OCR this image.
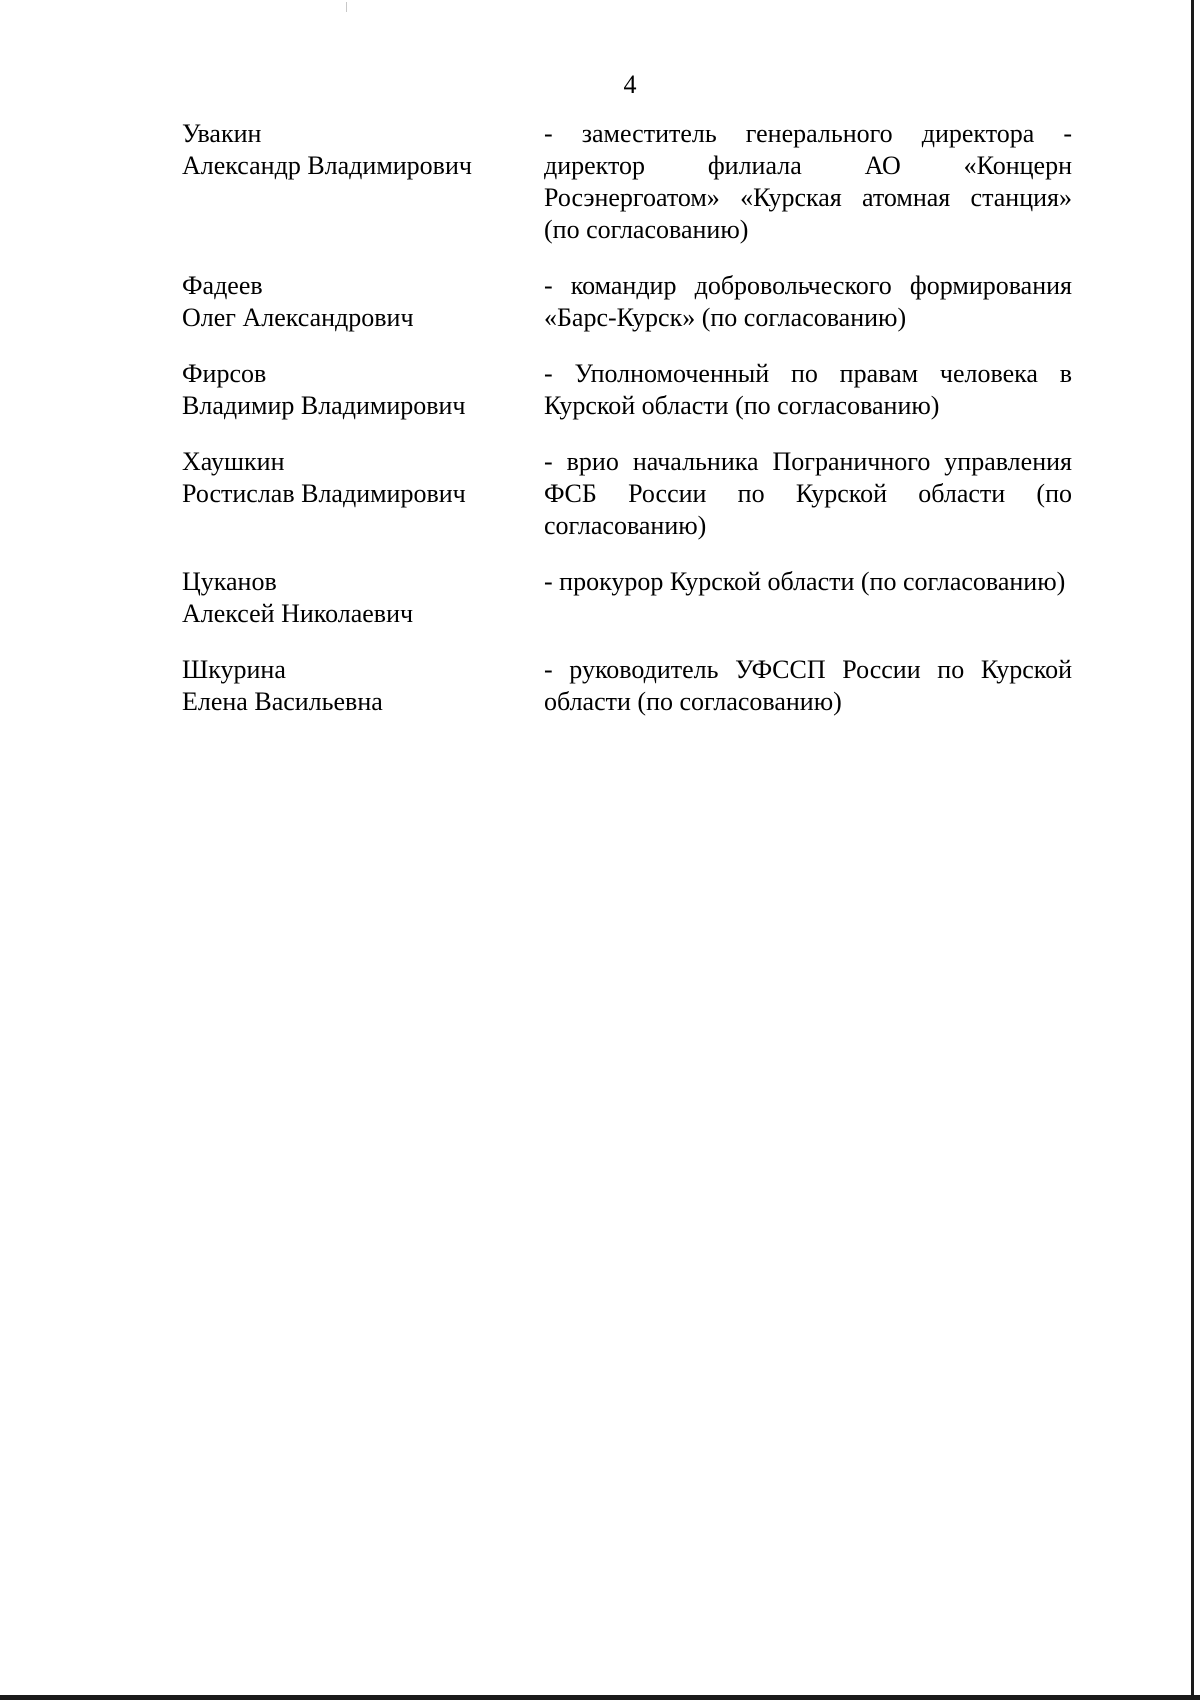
4
Увакин
Александр Владимирович
- заместитель генерального директора - директор филиала АО «Концерн Росэнергоатом» «Курская атомная станция» (по согласованию)
Фадеев
Олег Александрович
- командир добровольческого формирования «Барс-Курск» (по согласованию)
Фирсов
Владимир Владимирович
- Уполномоченный по правам человека в Курской области (по согласованию)
Хаушкин
Ростислав Владимирович
- врио начальника Пограничного управления ФСБ России по Курской области (по согласованию)
Цуканов
Алексей Николаевич
- прокурор Курской области (по согласованию)
Шкурина
Елена Васильевна
- руководитель УФССП России по Курской области (по согласованию)
